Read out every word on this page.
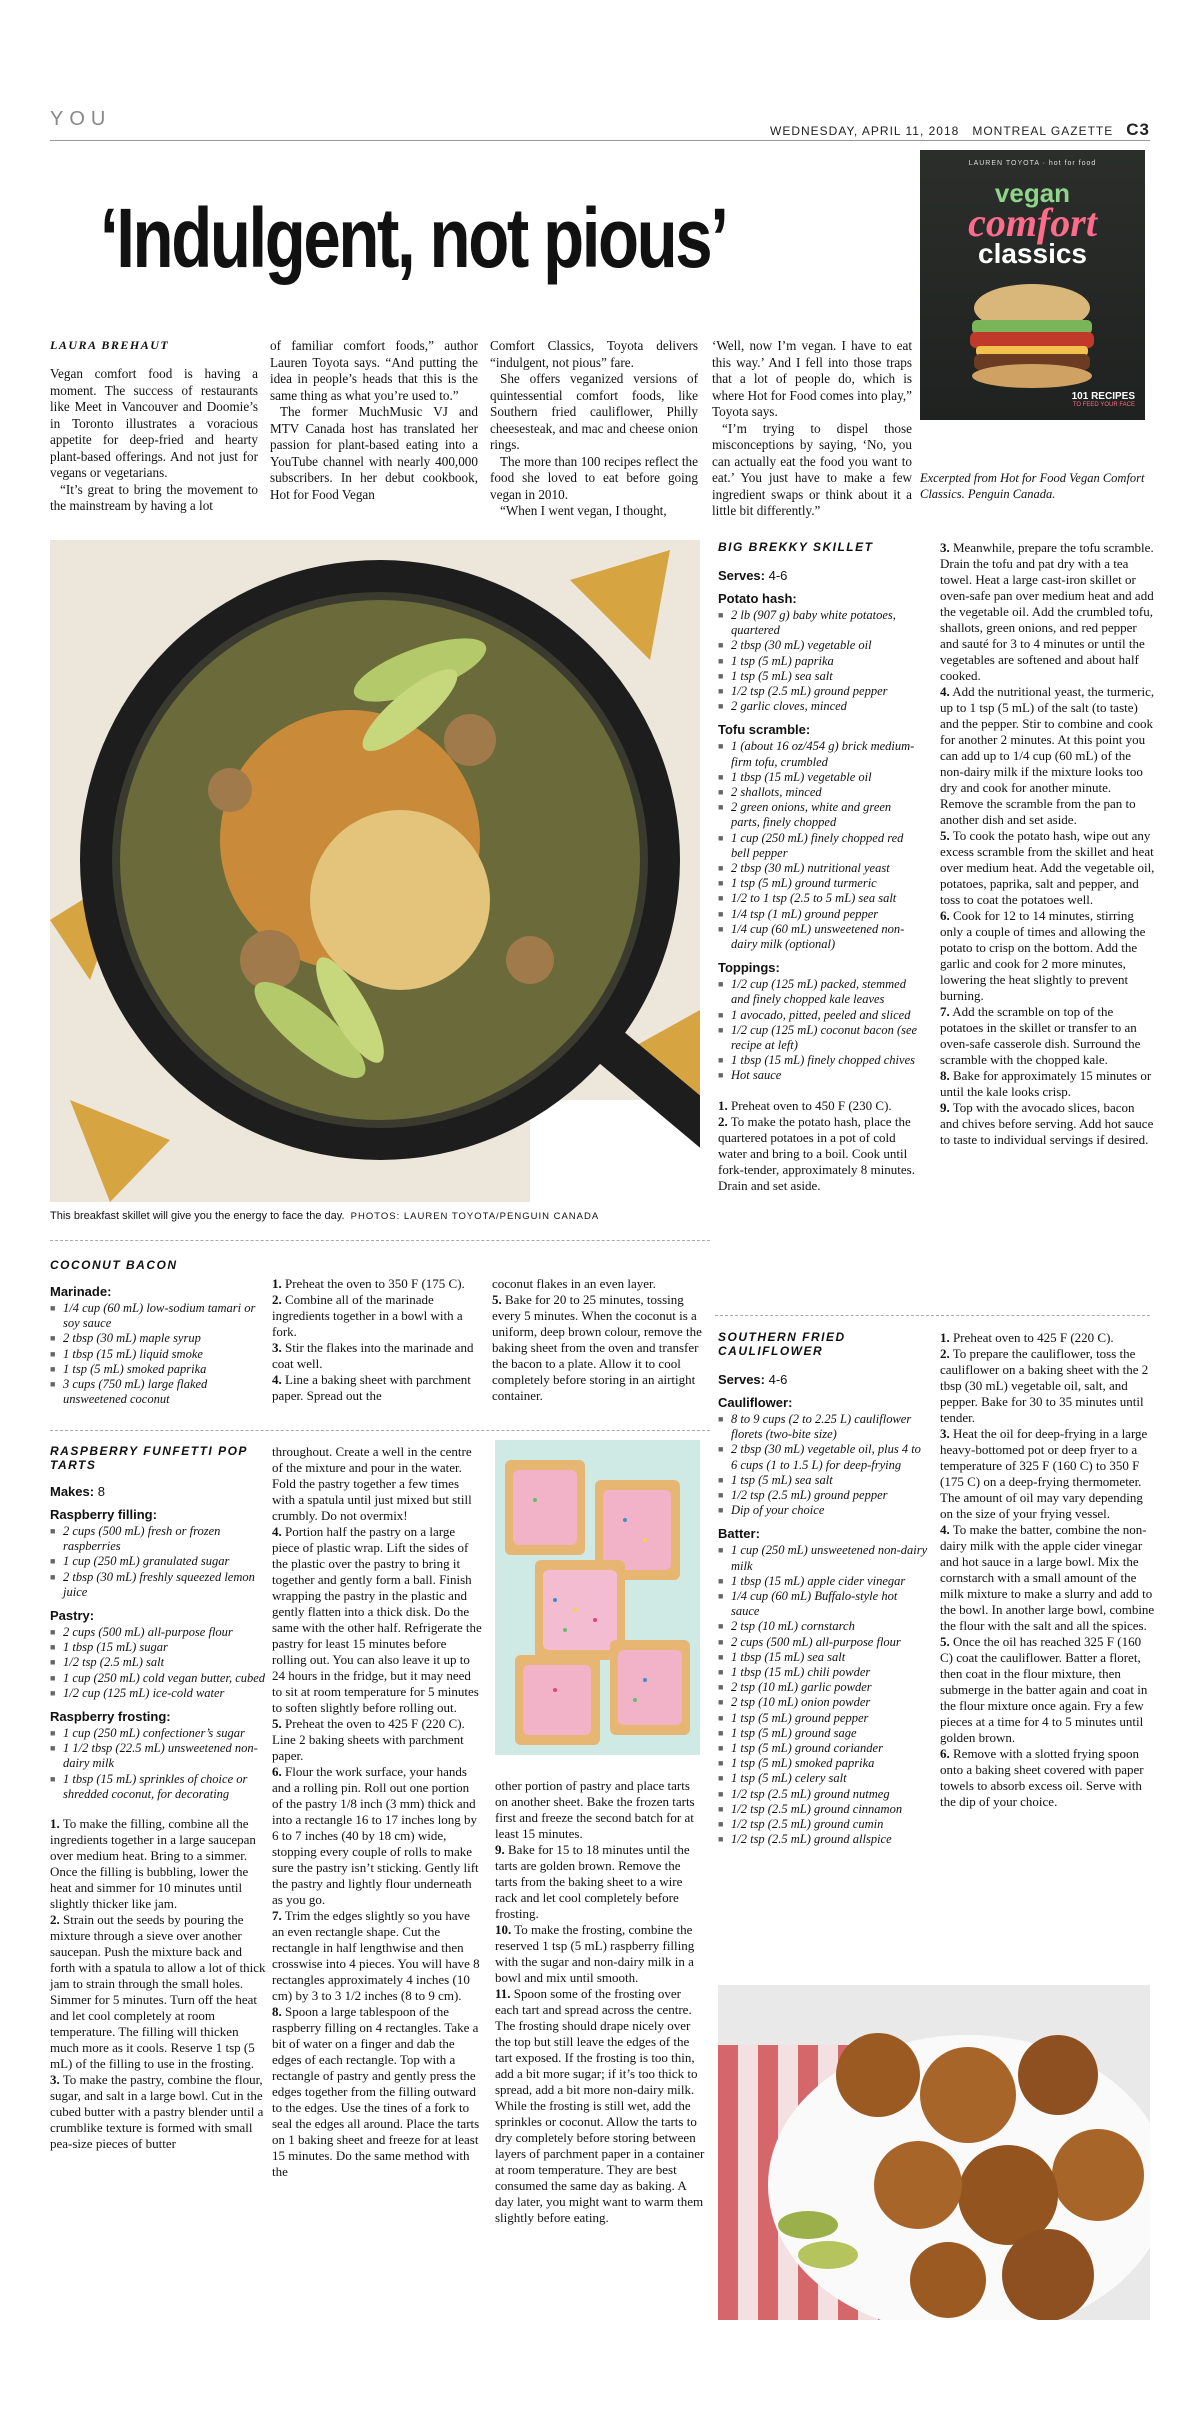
YOU
WEDNESDAY, APRIL 11, 2018 MONTREAL GAZETTE C3
‘Indulgent, not pious’
LAUREN TOYOTA · hot for food
vegan
comfort
classics
101 RECIPES
TO FEED YOUR FACE
Excerpted from Hot for Food Vegan Comfort Classics. Penguin Canada.
LAURA BREHAUT

Vegan comfort food is having a moment. The success of restaurants like Meet in Vancouver and Doomie’s in Toronto illustrates a voracious appetite for deep-fried and hearty plant-based offerings. And not just for vegans or vegetarians.

“It’s great to bring the movement to the mainstream by having a lot

of familiar comfort foods,” author Lauren Toyota says. “And putting the idea in people’s heads that this is the same thing as what you’re used to.”

The former MuchMusic VJ and MTV Canada host has translated her passion for plant-based eating into a YouTube channel with nearly 400,000 subscribers. In her debut cookbook, Hot for Food Vegan

Comfort Classics, Toyota delivers “indulgent, not pious” fare.

She offers veganized versions of quintessential comfort foods, like Southern fried cauliflower, Philly cheesesteak, and mac and cheese onion rings.

The more than 100 recipes reflect the food she loved to eat before going vegan in 2010.

“When I went vegan, I thought,

‘Well, now I’m vegan. I have to eat this way.’ And I fell into those traps that a lot of people do, which is where Hot for Food comes into play,” Toyota says.

“I’m trying to dispel those misconceptions by saying, ‘No, you can actually eat the food you want to eat.’ You just have to make a few ingredient swaps or think about it a little bit differently.”

This breakfast skillet will give you the energy to face the day. PHOTOS: LAUREN TOYOTA/PENGUIN CANADA
BIG BREKKY SKILLET
Serves: 4-6
Potato hash:
■ 2 lb (907 g) baby white potatoes, quartered
■ 2 tbsp (30 mL) vegetable oil
■ 1 tsp (5 mL) paprika
■ 1 tsp (5 mL) sea salt
■ 1/2 tsp (2.5 mL) ground pepper
■ 2 garlic cloves, minced
Tofu scramble:
■ 1 (about 16 oz/454 g) brick medium-firm tofu, crumbled
■ 1 tbsp (15 mL) vegetable oil
■ 2 shallots, minced
■ 2 green onions, white and green parts, finely chopped
■ 1 cup (250 mL) finely chopped red bell pepper
■ 2 tbsp (30 mL) nutritional yeast
■ 1 tsp (5 mL) ground turmeric
■ 1/2 to 1 tsp (2.5 to 5 mL) sea salt
■ 1/4 tsp (1 mL) ground pepper
■ 1/4 cup (60 mL) unsweetened non-dairy milk (optional)
Toppings:
■ 1/2 cup (125 mL) packed, stemmed and finely chopped kale leaves
■ 1 avocado, pitted, peeled and sliced
■ 1/2 cup (125 mL) coconut bacon (see recipe at left)
■ 1 tbsp (15 mL) finely chopped chives
■ Hot sauce

1. Preheat oven to 450 F (230 C).

2. To make the potato hash, place the quartered potatoes in a pot of cold water and bring to a boil. Cook until fork-tender, approximately 8 minutes. Drain and set aside.

3. Meanwhile, prepare the tofu scramble. Drain the tofu and pat dry with a tea towel. Heat a large cast-iron skillet or oven-safe pan over medium heat and add the vegetable oil. Add the crumbled tofu, shallots, green onions, and red pepper and sauté for 3 to 4 minutes or until the vegetables are softened and about half cooked.

4. Add the nutritional yeast, the turmeric, up to 1 tsp (5 mL) of the salt (to taste) and the pepper. Stir to combine and cook for another 2 minutes. At this point you can add up to 1/4 cup (60 mL) of the non-dairy milk if the mixture looks too dry and cook for another minute. Remove the scramble from the pan to another dish and set aside.

5. To cook the potato hash, wipe out any excess scramble from the skillet and heat over medium heat. Add the vegetable oil, potatoes, paprika, salt and pepper, and toss to coat the potatoes well.

6. Cook for 12 to 14 minutes, stirring only a couple of times and allowing the potato to crisp on the bottom. Add the garlic and cook for 2 more minutes, lowering the heat slightly to prevent burning.

7. Add the scramble on top of the potatoes in the skillet or transfer to an oven-safe casserole dish. Surround the scramble with the chopped kale.

8. Bake for approximately 15 minutes or until the kale looks crisp.

9. Top with the avocado slices, bacon and chives before serving. Add hot sauce to taste to individual servings if desired.

COCONUT BACON
Marinade:
■ 1/4 cup (60 mL) low-sodium tamari or soy sauce
■ 2 tbsp (30 mL) maple syrup
■ 1 tbsp (15 mL) liquid smoke
■ 1 tsp (5 mL) smoked paprika
■ 3 cups (750 mL) large flaked unsweetened coconut

1. Preheat the oven to 350 F (175 C).

2. Combine all of the marinade ingredients together in a bowl with a fork.

3. Stir the flakes into the marinade and coat well.

4. Line a baking sheet with parchment paper. Spread out the

coconut flakes in an even layer.

5. Bake for 20 to 25 minutes, tossing every 5 minutes. When the coconut is a uniform, deep brown colour, remove the baking sheet from the oven and transfer the bacon to a plate. Allow it to cool completely before storing in an airtight container.

RASPBERRY FUNFETTI POP TARTS
Makes: 8
Raspberry filling:
■ 2 cups (500 mL) fresh or frozen raspberries
■ 1 cup (250 mL) granulated sugar
■ 2 tbsp (30 mL) freshly squeezed lemon juice
Pastry:
■ 2 cups (500 mL) all-purpose flour
■ 1 tbsp (15 mL) sugar
■ 1/2 tsp (2.5 mL) salt
■ 1 cup (250 mL) cold vegan butter, cubed
■ 1/2 cup (125 mL) ice-cold water
Raspberry frosting:
■ 1 cup (250 mL) confectioner’s sugar
■ 1 1/2 tbsp (22.5 mL) unsweetened non-dairy milk
■ 1 tbsp (15 mL) sprinkles of choice or shredded coconut, for decorating

1. To make the filling, combine all the ingredients together in a large saucepan over medium heat. Bring to a simmer. Once the filling is bubbling, lower the heat and simmer for 10 minutes until slightly thicker like jam.

2. Strain out the seeds by pouring the mixture through a sieve over another saucepan. Push the mixture back and forth with a spatula to allow a lot of thick jam to strain through the small holes. Simmer for 5 minutes. Turn off the heat and let cool completely at room temperature. The filling will thicken much more as it cools. Reserve 1 tsp (5 mL) of the filling to use in the frosting.

3. To make the pastry, combine the flour, sugar, and salt in a large bowl. Cut in the cubed butter with a pastry blender until a crumblike texture is formed with small pea-size pieces of butter

throughout. Create a well in the centre of the mixture and pour in the water. Fold the pastry together a few times with a spatula until just mixed but still crumbly. Do not overmix!

4. Portion half the pastry on a large piece of plastic wrap. Lift the sides of the plastic over the pastry to bring it together and gently form a ball. Finish wrapping the pastry in the plastic and gently flatten into a thick disk. Do the same with the other half. Refrigerate the pastry for least 15 minutes before rolling out. You can also leave it up to 24 hours in the fridge, but it may need to sit at room temperature for 5 minutes to soften slightly before rolling out.

5. Preheat the oven to 425 F (220 C). Line 2 baking sheets with parchment paper.

6. Flour the work surface, your hands and a rolling pin. Roll out one portion of the pastry 1/8 inch (3 mm) thick and into a rectangle 16 to 17 inches long by 6 to 7 inches (40 by 18 cm) wide, stopping every couple of rolls to make sure the pastry isn’t sticking. Gently lift the pastry and lightly flour underneath as you go.

7. Trim the edges slightly so you have an even rectangle shape. Cut the rectangle in half lengthwise and then crosswise into 4 pieces. You will have 8 rectangles approximately 4 inches (10 cm) by 3 to 3 1/2 inches (8 to 9 cm).

8. Spoon a large tablespoon of the raspberry filling on 4 rectangles. Take a bit of water on a finger and dab the edges of each rectangle. Top with a rectangle of pastry and gently press the edges together from the filling outward to the edges. Use the tines of a fork to seal the edges all around. Place the tarts on 1 baking sheet and freeze for at least 15 minutes. Do the same method with the

other portion of pastry and place tarts on another sheet. Bake the frozen tarts first and freeze the second batch for at least 15 minutes.

9. Bake for 15 to 18 minutes until the tarts are golden brown. Remove the tarts from the baking sheet to a wire rack and let cool completely before frosting.

10. To make the frosting, combine the reserved 1 tsp (5 mL) raspberry filling with the sugar and non-dairy milk in a bowl and mix until smooth.

11. Spoon some of the frosting over each tart and spread across the centre. The frosting should drape nicely over the top but still leave the edges of the tart exposed. If the frosting is too thin, add a bit more sugar; if it’s too thick to spread, add a bit more non-dairy milk. While the frosting is still wet, add the sprinkles or coconut. Allow the tarts to dry completely before storing between layers of parchment paper in a container at room temperature. They are best consumed the same day as baking. A day later, you might want to warm them slightly before eating.

SOUTHERN FRIED CAULIFLOWER
Serves: 4-6
Cauliflower:
■ 8 to 9 cups (2 to 2.25 L) cauliflower florets (two-bite size)
■ 2 tbsp (30 mL) vegetable oil, plus 4 to 6 cups (1 to 1.5 L) for deep-frying
■ 1 tsp (5 mL) sea salt
■ 1/2 tsp (2.5 mL) ground pepper
■ Dip of your choice
Batter:
■ 1 cup (250 mL) unsweetened non-dairy milk
■ 1 tbsp (15 mL) apple cider vinegar
■ 1/4 cup (60 mL) Buffalo-style hot sauce
■ 2 tsp (10 mL) cornstarch
■ 2 cups (500 mL) all-purpose flour
■ 1 tbsp (15 mL) sea salt
■ 1 tbsp (15 mL) chili powder
■ 2 tsp (10 mL) garlic powder
■ 2 tsp (10 mL) onion powder
■ 1 tsp (5 mL) ground pepper
■ 1 tsp (5 mL) ground sage
■ 1 tsp (5 mL) ground coriander
■ 1 tsp (5 mL) smoked paprika
■ 1 tsp (5 mL) celery salt
■ 1/2 tsp (2.5 mL) ground nutmeg
■ 1/2 tsp (2.5 mL) ground cinnamon
■ 1/2 tsp (2.5 mL) ground cumin
■ 1/2 tsp (2.5 mL) ground allspice

1. Preheat oven to 425 F (220 C).

2. To prepare the cauliflower, toss the cauliflower on a baking sheet with the 2 tbsp (30 mL) vegetable oil, salt, and pepper. Bake for 30 to 35 minutes until tender.

3. Heat the oil for deep-frying in a large heavy-bottomed pot or deep fryer to a temperature of 325 F (160 C) to 350 F (175 C) on a deep-frying thermometer. The amount of oil may vary depending on the size of your frying vessel.

4. To make the batter, combine the non-dairy milk with the apple cider vinegar and hot sauce in a large bowl. Mix the cornstarch with a small amount of the milk mixture to make a slurry and add to the bowl. In another large bowl, combine the flour with the salt and all the spices.

5. Once the oil has reached 325 F (160 C) coat the cauliflower. Batter a floret, then coat in the flour mixture, then submerge in the batter again and coat in the flour mixture once again. Fry a few pieces at a time for 4 to 5 minutes until golden brown.

6. Remove with a slotted frying spoon onto a baking sheet covered with paper towels to absorb excess oil. Serve with the dip of your choice.
